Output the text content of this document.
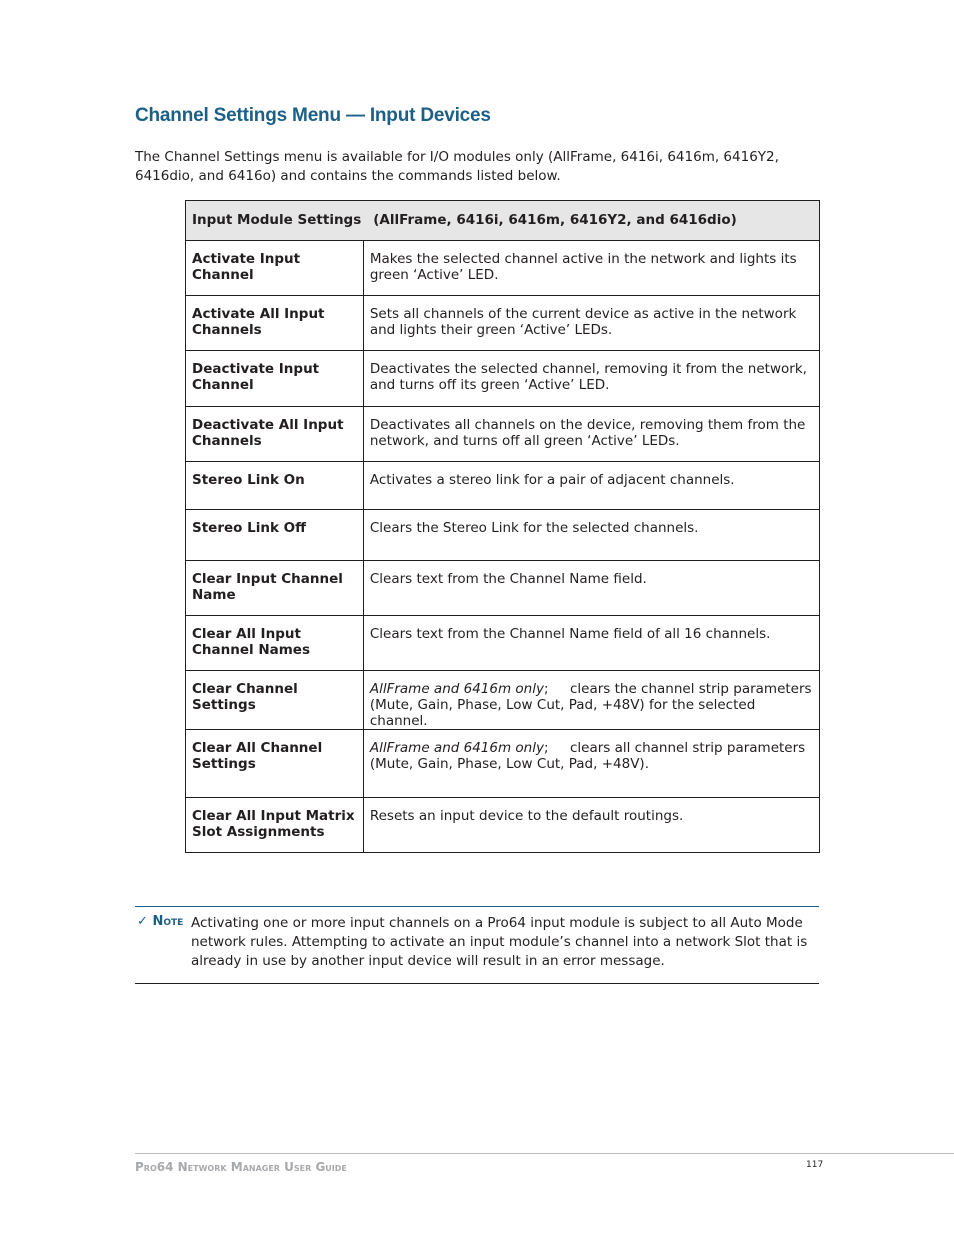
Channel Settings Menu — Input Devices

The Channel Settings menu is available for I/O modules only (AllFrame, 6416i, 6416m, 6416Y2, 6416dio, and 6416o) and contains the commands listed below.

Input Module Settings (AllFrame, 6416i, 6416m, 6416Y2, and 6416dio)	
Activate Input Channel	Makes the selected channel active in the network and lights its green ‘Active’ LED.
Activate All Input Channels	Sets all channels of the current device as active in the network and lights their green ‘Active’ LEDs.
Deactivate Input Channel	Deactivates the selected channel, removing it from the network, and turns off its green ‘Active’ LED.
Deactivate All Input Channels	Deactivates all channels on the device, removing them from the network, and turns off all green ‘Active’ LEDs.
Stereo Link On	Activates a stereo link for a pair of adjacent channels.
Stereo Link Off	Clears the Stereo Link for the selected channels.
Clear Input Channel Name	Clears text from the Channel Name field.
Clear All Input Channel Names	Clears text from the Channel Name field of all 16 channels.
Clear Channel Settings	AllFrame and 6416m only;     clears the channel strip parameters (Mute, Gain, Phase, Low Cut, Pad, +48V) for the selected channel.
Clear All Channel Settings	AllFrame and 6416m only;     clears all channel strip parameters (Mute, Gain, Phase, Low Cut, Pad, +48V).
Clear All Input Matrix Slot Assignments	Resets an input device to the default routings.
✓ Note Activating one or more input channels on a Pro64 input module is subject to all Auto Mode network rules. Attempting to activate an input module’s channel into a network Slot that is already in use by another input device will result in an error message.

Pro64 Network Manager User Guide	117
